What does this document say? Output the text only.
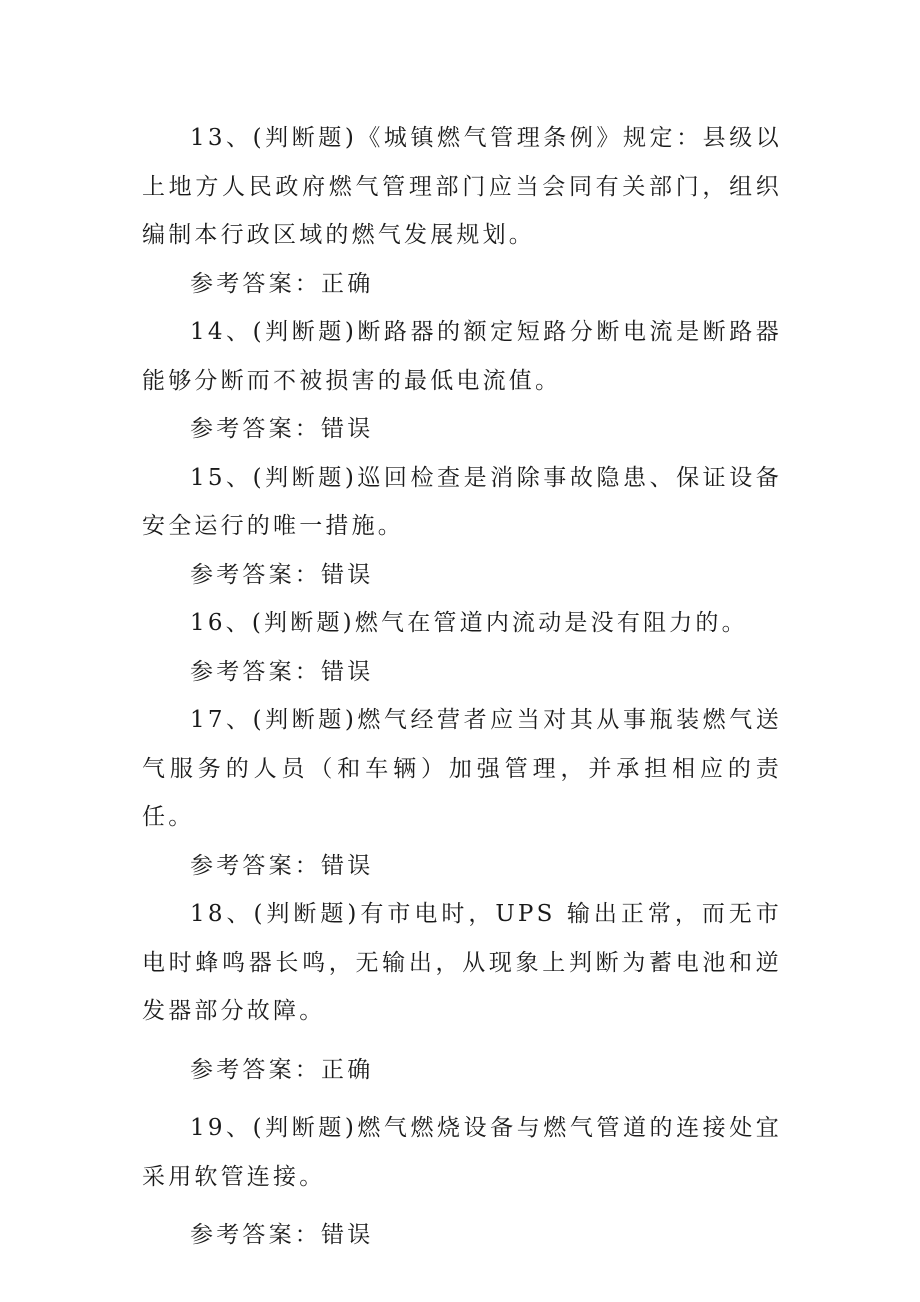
13、(判断题)《城镇燃气管理条例》规定：县级以上地方人民政府燃气管理部门应当会同有关部门，组织编制本行政区域的燃气发展规划。

参考答案：正确

14、(判断题)断路器的额定短路分断电流是断路器能够分断而不被损害的最低电流值。

参考答案：错误

15、(判断题)巡回检查是消除事故隐患、保证设备安全运行的唯一措施。

参考答案：错误

16、(判断题)燃气在管道内流动是没有阻力的。

参考答案：错误

17、(判断题)燃气经营者应当对其从事瓶装燃气送气服务的人员（和车辆）加强管理，并承担相应的责任。

参考答案：错误

18、(判断题)有市电时，UPS 输出正常，而无市电时蜂鸣器长鸣，无输出，从现象上判断为蓄电池和逆发器部分故障。

参考答案：正确

19、(判断题)燃气燃烧设备与燃气管道的连接处宜采用软管连接。

参考答案：错误
